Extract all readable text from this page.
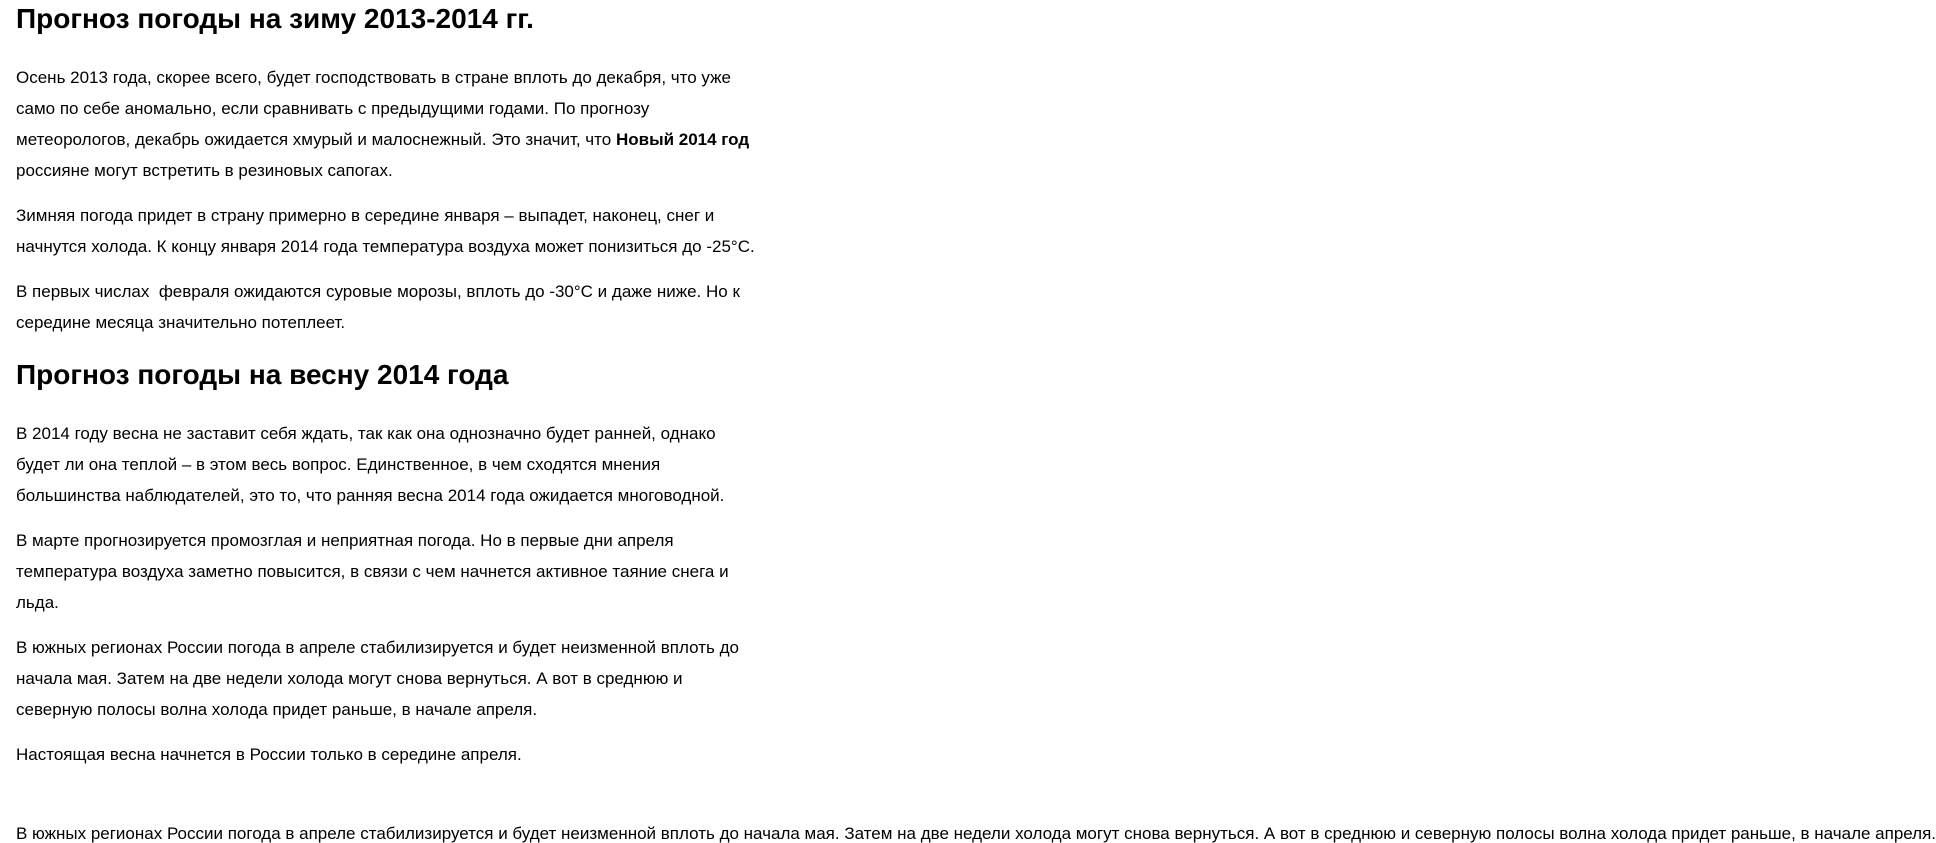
Прогноз погоды на зиму 2013-2014 гг.

Осень 2013 года, скорее всего, будет господствовать в стране вплоть до декабря, что уже само по себе аномально, если сравнивать с предыдущими годами. По прогнозу метеорологов, декабрь ожидается хмурый и малоснежный. Это значит, что Новый 2014 год россияне могут встретить в резиновых сапогах.

Зимняя погода придет в страну примерно в середине января – выпадет, наконец, снег и начнутся холода. К концу января 2014 года температура воздуха может понизиться до -25°С.

В первых числах  февраля ожидаются суровые морозы, вплоть до -30°С и даже ниже. Но к середине месяца значительно потеплеет.

Прогноз погоды на весну 2014 года

В 2014 году весна не заставит себя ждать, так как она однозначно будет ранней, однако будет ли она теплой – в этом весь вопрос. Единственное, в чем сходятся мнения большинства наблюдателей, это то, что ранняя весна 2014 года ожидается многоводной.

В марте прогнозируется промозглая и неприятная погода. Но в первые дни апреля температура воздуха заметно повысится, в связи с чем начнется активное таяние снега и льда.

В южных регионах России погода в апреле стабилизируется и будет неизменной вплоть до начала мая. Затем на две недели холода могут снова вернуться. А вот в среднюю и северную полосы волна холода придет раньше, в начале апреля.

Настоящая весна начнется в России только в середине апреля.

В южных регионах России погода в апреле стабилизируется и будет неизменной вплоть до начала мая. Затем на две недели холода могут снова вернуться. А вот в среднюю и северную полосы волна холода придет раньше, в начале апреля.
